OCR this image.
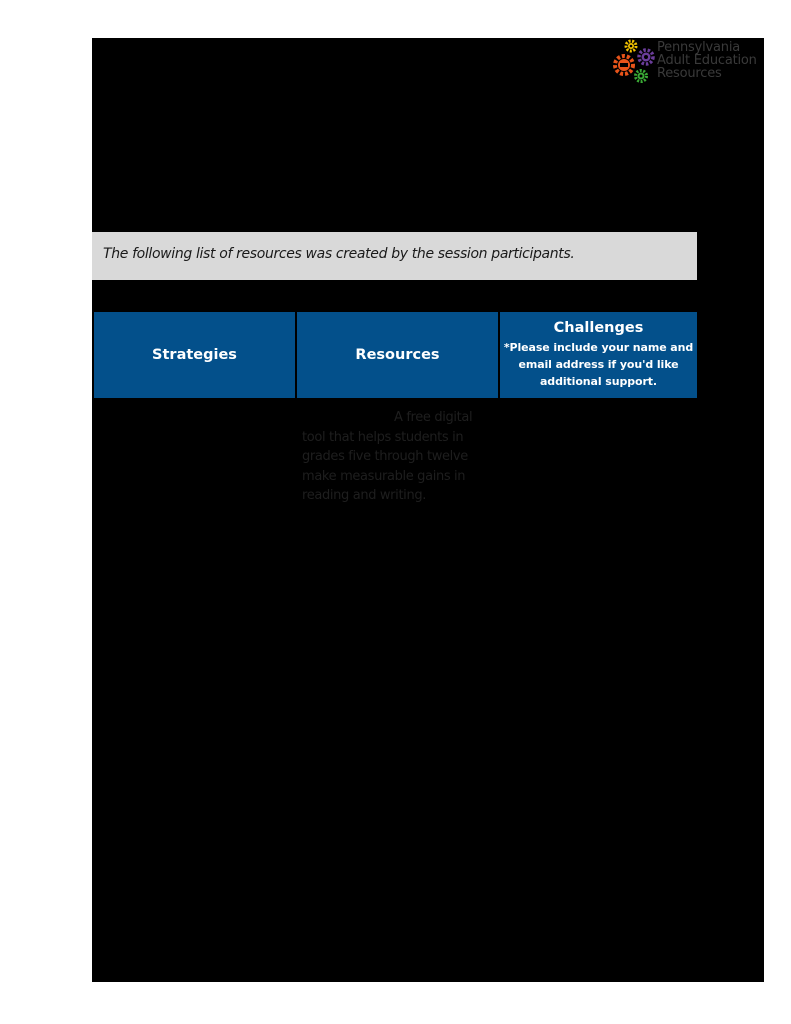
Pennsylvania
Adult Education
Resources
The following list of resources was created by the session participants.
Strategies	Resources
Challenges
*Please include your name and email address if you'd like additional support.
A free digital tool that helps students in grades five through twelve make measurable gains in reading and writing.
